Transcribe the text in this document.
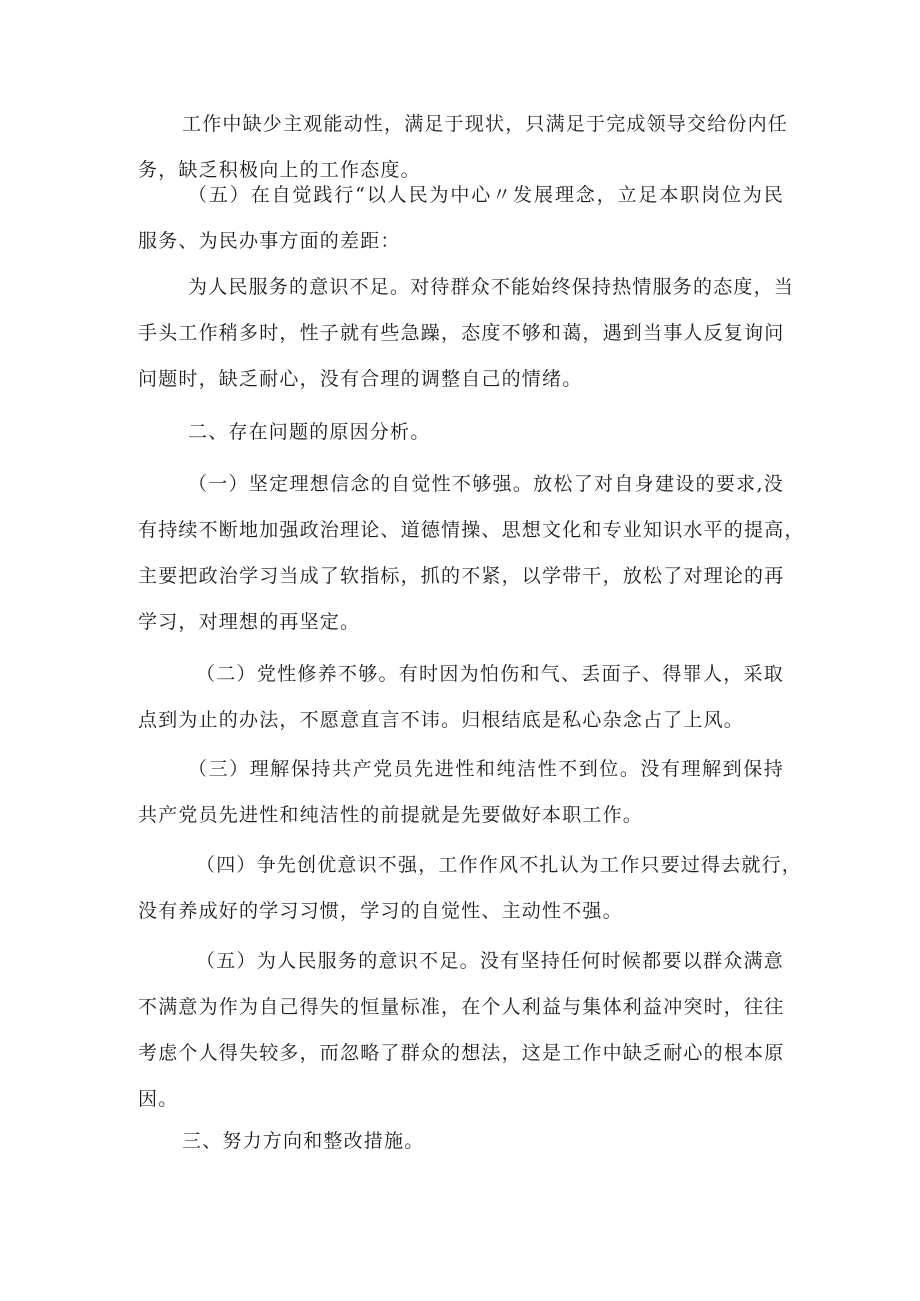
工作中缺少主观能动性，满足于现状，只满足于完成领导交给份内任
务，缺乏积极向上的工作态度。

（五）在自觉践行“以人民为中心〃发展理念，立足本职岗位为民
服务、为民办事方面的差距：

为人民服务的意识不足。对待群众不能始终保持热情服务的态度，当
手头工作稍多时，性子就有些急躁，态度不够和蔼，遇到当事人反复询问
问题时，缺乏耐心，没有合理的调整自己的情绪。

二、存在问题的原因分析。

（一）坚定理想信念的自觉性不够强。放松了对自身建设的要求,没
有持续不断地加强政治理论、道德情操、思想文化和专业知识水平的提高，
主要把政治学习当成了软指标，抓的不紧，以学带干，放松了对理论的再
学习，对理想的再坚定。

（二）党性修养不够。有时因为怕伤和气、丢面子、得罪人，采取
点到为止的办法，不愿意直言不讳。归根结底是私心杂念占了上风。

（三）理解保持共产党员先进性和纯洁性不到位。没有理解到保持
共产党员先进性和纯洁性的前提就是先要做好本职工作。

（四）争先创优意识不强，工作作风不扎认为工作只要过得去就行，
没有养成好的学习习惯，学习的自觉性、主动性不强。

（五）为人民服务的意识不足。没有坚持任何时候都要以群众满意
不满意为作为自己得失的恒量标准，在个人利益与集体利益冲突时，往往
考虑个人得失较多，而忽略了群众的想法，这是工作中缺乏耐心的根本原
因。

三、努力方向和整改措施。
